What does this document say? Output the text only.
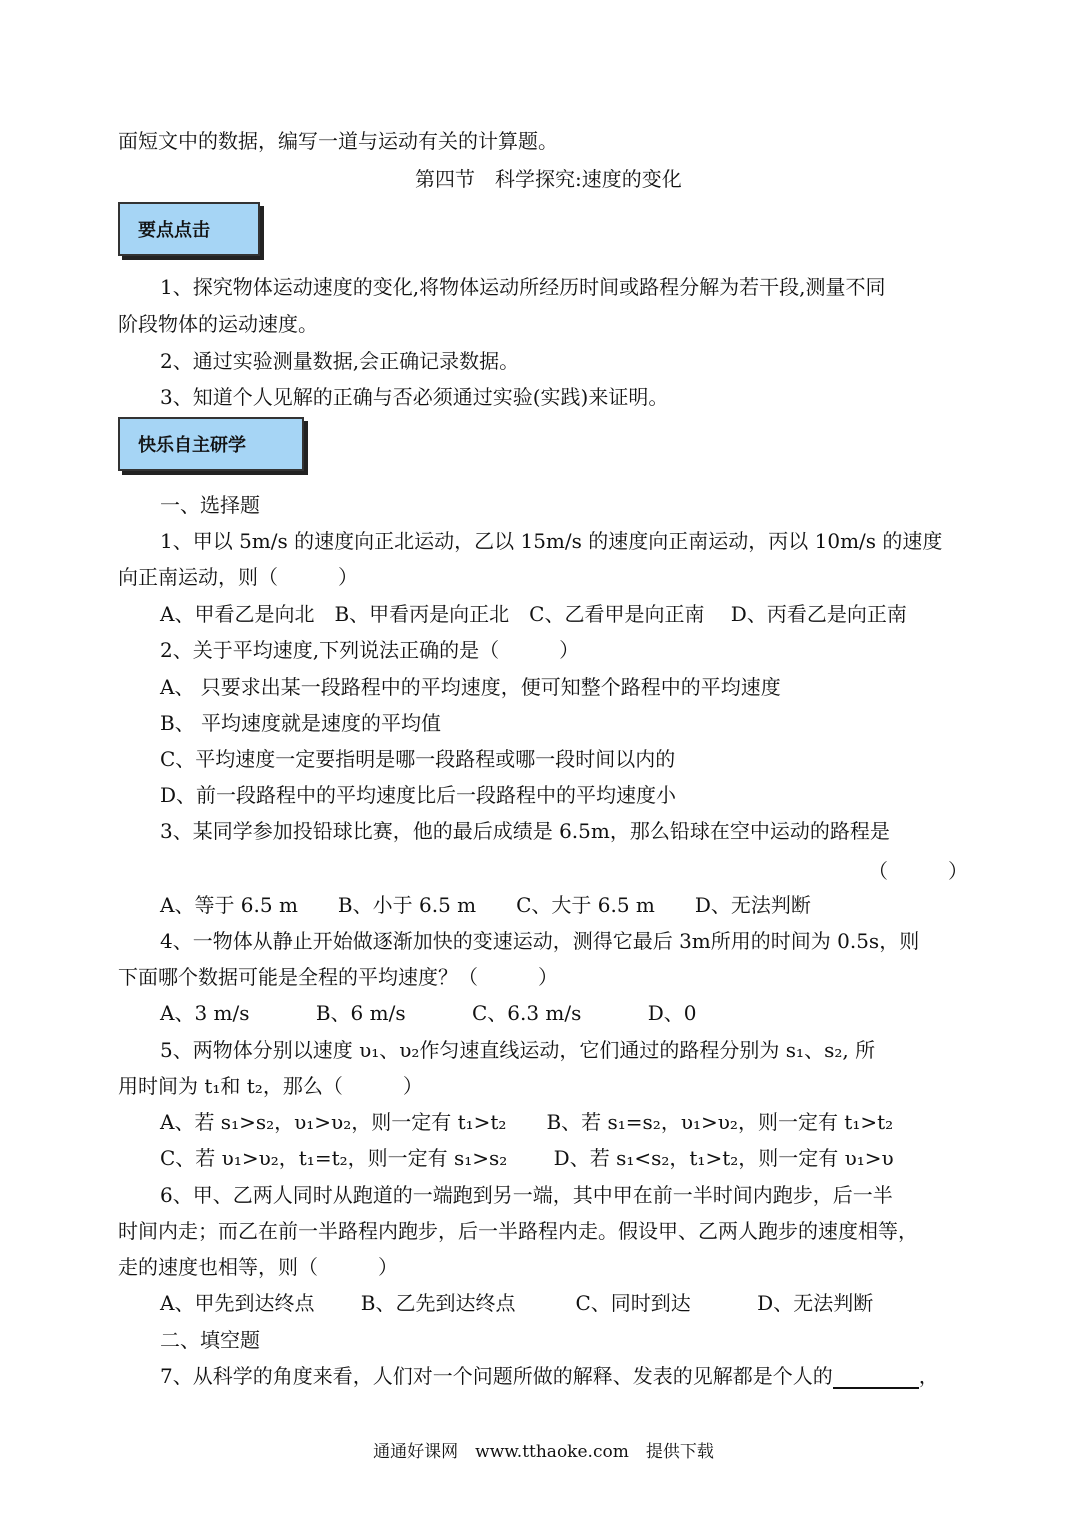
面短文中的数据，编写一道与运动有关的计算题。
第四节　科学探究:速度的变化
要点点击
1、探究物体运动速度的变化,将物体运动所经历时间或路程分解为若干段,测量不同
阶段物体的运动速度。
2、通过实验测量数据,会正确记录数据。
3、知道个人见解的正确与否必须通过实验(实践)来证明。
快乐自主研学
一、选择题
1、甲以 5m/s 的速度向正北运动，乙以 15m/s 的速度向正南运动，丙以 10m/s 的速度
向正南运动，则（　　　）
A、甲看乙是向北　B、甲看丙是向正北　C、乙看甲是向正南　 D、丙看乙是向正南
2、关于平均速度,下列说法正确的是（　　　）
A、 只要求出某一段路程中的平均速度，便可知整个路程中的平均速度
B、 平均速度就是速度的平均值
C、平均速度一定要指明是哪一段路程或哪一段时间以内的
D、前一段路程中的平均速度比后一段路程中的平均速度小
3、某同学参加投铅球比赛，他的最后成绩是 6.5m，那么铅球在空中运动的路程是
（　　　）
A、等于 6.5 m　　B、小于 6.5 m　　C、大于 6.5 m　　D、无法判断
4、一物体从静止开始做逐渐加快的变速运动，测得它最后 3m所用的时间为 0.5s，则
下面哪个数据可能是全程的平均速度？（　　　）
A、3 m/s　　　 B、6 m/s　　　 C、6.3 m/s　　　 D、0
5、两物体分别以速度 υ₁、υ₂作匀速直线运动，它们通过的路程分别为 s₁、s₂, 所
用时间为 t₁和 t₂，那么（　　　）
A、若 s₁>s₂，υ₁>υ₂，则一定有 t₁>t₂　　B、若 s₁=s₂，υ₁>υ₂，则一定有 t₁>t₂
C、若 υ₁>υ₂，t₁=t₂，则一定有 s₁>s₂　　 D、若 s₁<s₂，t₁>t₂，则一定有 υ₁>υ
6、甲、乙两人同时从跑道的一端跑到另一端，其中甲在前一半时间内跑步，后一半
时间内走；而乙在前一半路程内跑步，后一半路程内走。假设甲、乙两人跑步的速度相等，
走的速度也相等，则（　　　）
A、甲先到达终点　　 B、乙先到达终点　　　C、同时到达　　　 D、无法判断
二、填空题
7、从科学的角度来看，人们对一个问题所做的解释、发表的见解都是个人的	，
通通好课网　www.tthaoke.com　提供下载
